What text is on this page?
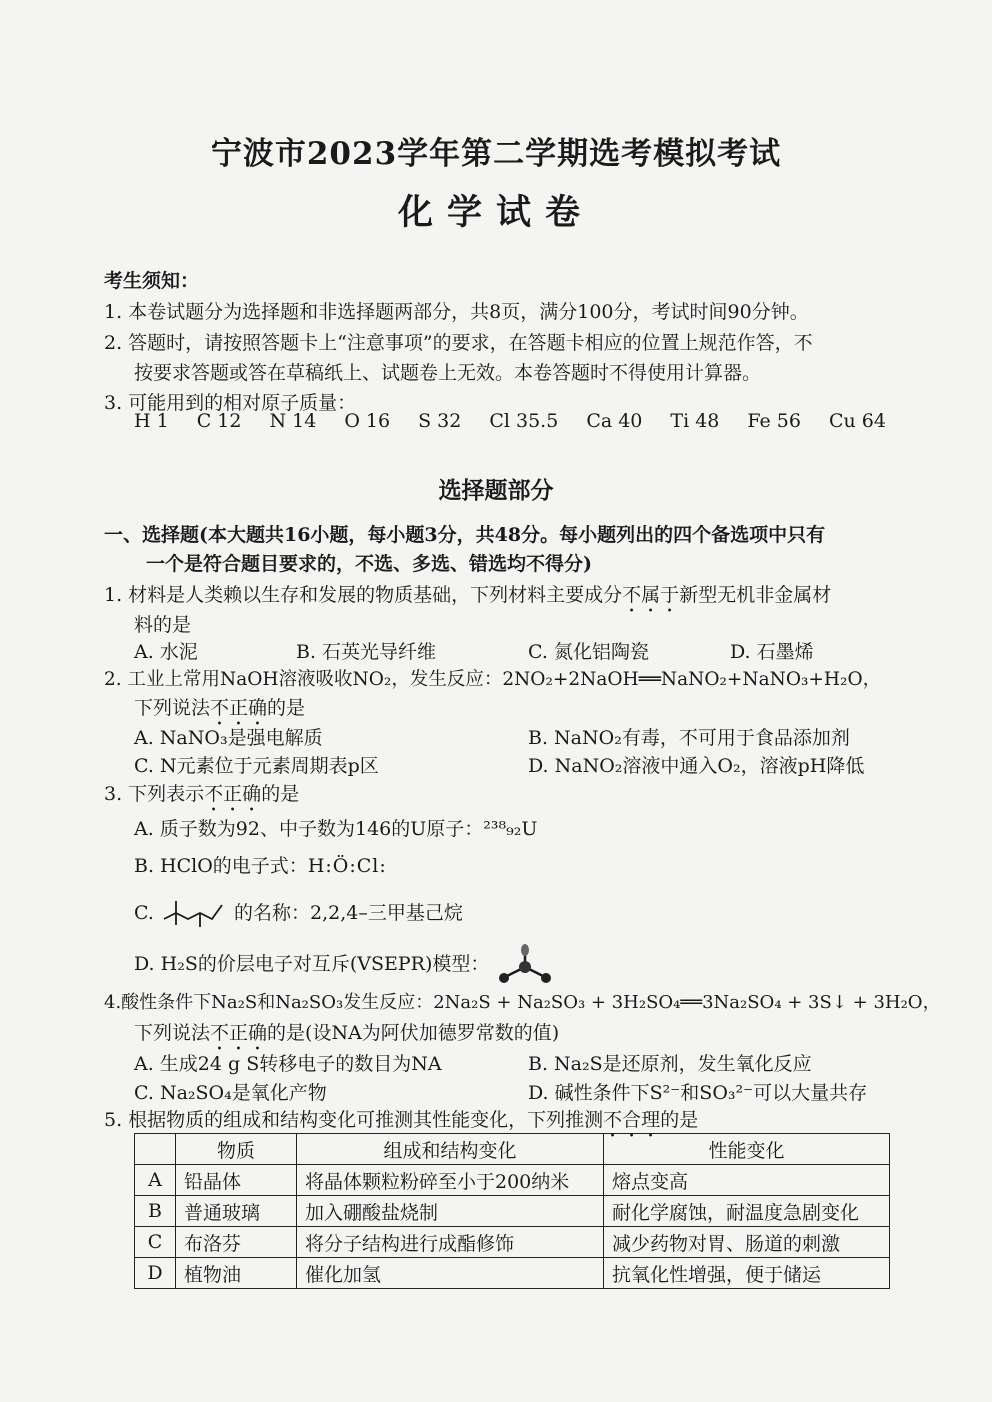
宁波市2023学年第二学期选考模拟考试
化学试卷
考生须知：
1. 本卷试题分为选择题和非选择题两部分，共8页，满分100分，考试时间90分钟。
2. 答题时，请按照答题卡上“注意事项”的要求，在答题卡相应的位置上规范作答，不
按要求答题或答在草稿纸上、试题卷上无效。本卷答题时不得使用计算器。
3. 可能用到的相对原子质量：
H 1 C 12 N 14 O 16 S 32 Cl 35.5 Ca 40 Ti 48 Fe 56 Cu 64
选择题部分
一、选择题(本大题共16小题，每小题3分，共48分。每小题列出的四个备选项中只有
一个是符合题目要求的，不选、多选、错选均不得分)
1. 材料是人类赖以生存和发展的物质基础，下列材料主要成分不属于新型无机非金属材
料的是
A. 水泥	B. 石英光导纤维	C. 氮化铝陶瓷	D. 石墨烯
2. 工业上常用NaOH溶液吸收NO₂，发生反应：2NO₂+2NaOH══NaNO₂+NaNO₃+H₂O，
下列说法不正确的是
A. NaNO₃是强电解质	B. NaNO₂有毒，不可用于食品添加剂
C. N元素位于元素周期表p区	D. NaNO₂溶液中通入O₂，溶液pH降低
3. 下列表示不正确的是
A. 质子数为92、中子数为146的U原子：²³⁸₉₂U
B. HClO的电子式：H:Ö:Cl:
C.	的名称：2,2,4–三甲基己烷
D. H₂S的价层电子对互斥(VSEPR)模型：
4.酸性条件下Na₂S和Na₂SO₃发生反应：2Na₂S + Na₂SO₃ + 3H₂SO₄══3Na₂SO₄ + 3S↓ + 3H₂O，
下列说法不正确的是(设NA为阿伏加德罗常数的值)
A. 生成24 g S转移电子的数目为NA	B. Na₂S是还原剂，发生氧化反应
C. Na₂SO₄是氧化产物	D. 碱性条件下S²⁻和SO₃²⁻可以大量共存
5. 根据物质的组成和结构变化可推测其性能变化，下列推测不合理的是
	物质	组成和结构变化	性能变化
A	铅晶体	将晶体颗粒粉碎至小于200纳米	熔点变高
B	普通玻璃	加入硼酸盐烧制	耐化学腐蚀，耐温度急剧变化
C	布洛芬	将分子结构进行成酯修饰	减少药物对胃、肠道的刺激
D	植物油	催化加氢	抗氧化性增强，便于储运
